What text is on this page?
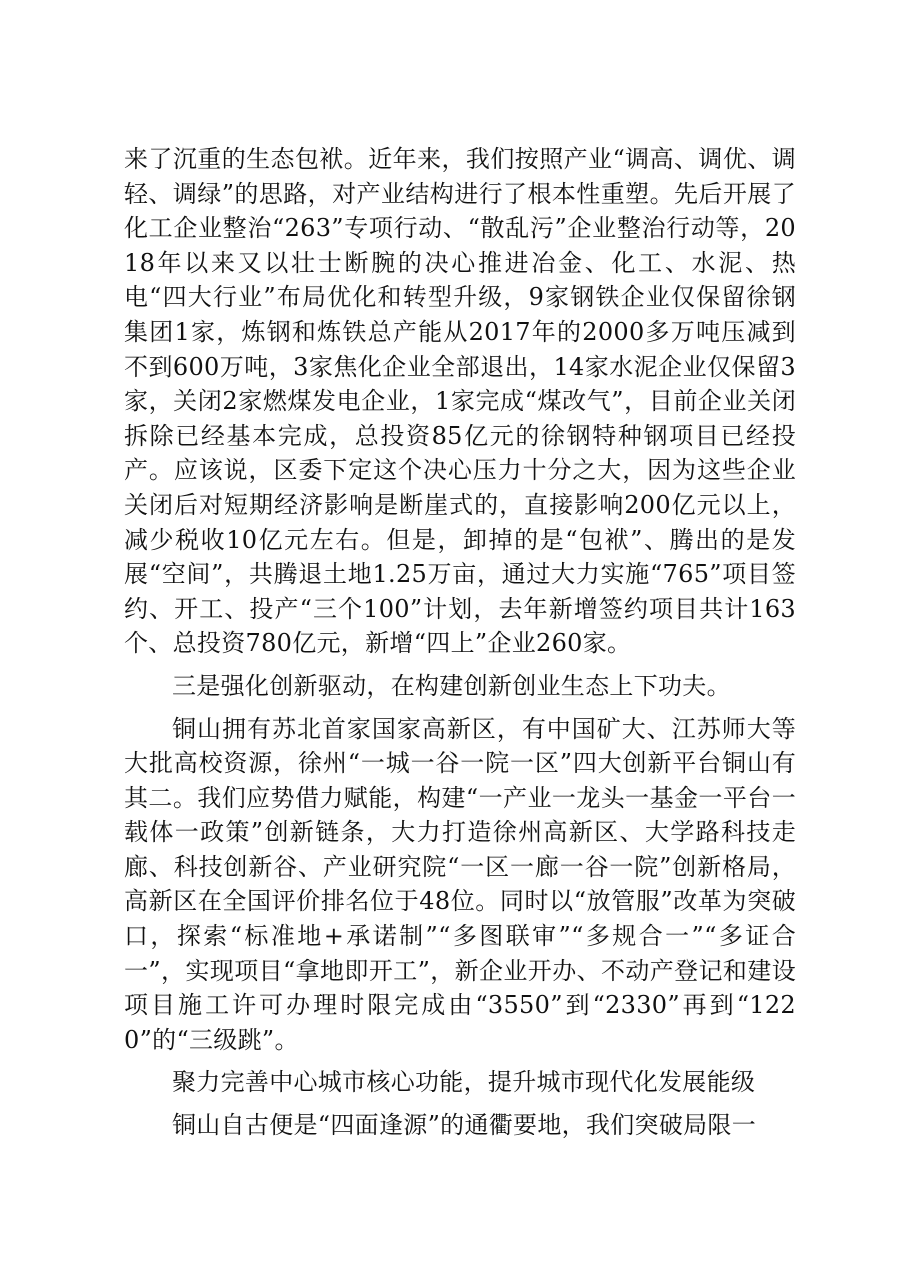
来了沉重的生态包袱。近年来，我们按照产业“调高、调优、调轻、调绿”的思路，对产业结构进行了根本性重塑。先后开展了化工企业整治“263”专项行动、“散乱污”企业整治行动等，2018年以来又以壮士断腕的决心推进冶金、化工、水泥、热电“四大行业”布局优化和转型升级，9家钢铁企业仅保留徐钢集团1家，炼钢和炼铁总产能从2017年的2000多万吨压减到不到600万吨，3家焦化企业全部退出，14家水泥企业仅保留3家，关闭2家燃煤发电企业，1家完成“煤改气”，目前企业关闭拆除已经基本完成，总投资85亿元的徐钢特种钢项目已经投产。应该说，区委下定这个决心压力十分之大，因为这些企业关闭后对短期经济影响是断崖式的，直接影响200亿元以上，减少税收10亿元左右。但是，卸掉的是“包袱”、腾出的是发展“空间”，共腾退土地1.25万亩，通过大力实施“765”项目签约、开工、投产“三个100”计划，去年新增签约项目共计163个、总投资780亿元，新增“四上”企业260家。

三是强化创新驱动，在构建创新创业生态上下功夫。

铜山拥有苏北首家国家高新区，有中国矿大、江苏师大等大批高校资源，徐州“一城一谷一院一区”四大创新平台铜山有其二。我们应势借力赋能，构建“一产业一龙头一基金一平台一载体一政策”创新链条，大力打造徐州高新区、大学路科技走廊、科技创新谷、产业研究院“一区一廊一谷一院”创新格局，高新区在全国评价排名位于48位。同时以“放管服”改革为突破口，探索“标准地+承诺制”“多图联审”“多规合一”“多证合一”，实现项目“拿地即开工”，新企业开办、不动产登记和建设项目施工许可办理时限完成由“3550”到“2330”再到“1220”的“三级跳”。

聚力完善中心城市核心功能，提升城市现代化发展能级

铜山自古便是“四面逢源”的通衢要地，我们突破局限一
